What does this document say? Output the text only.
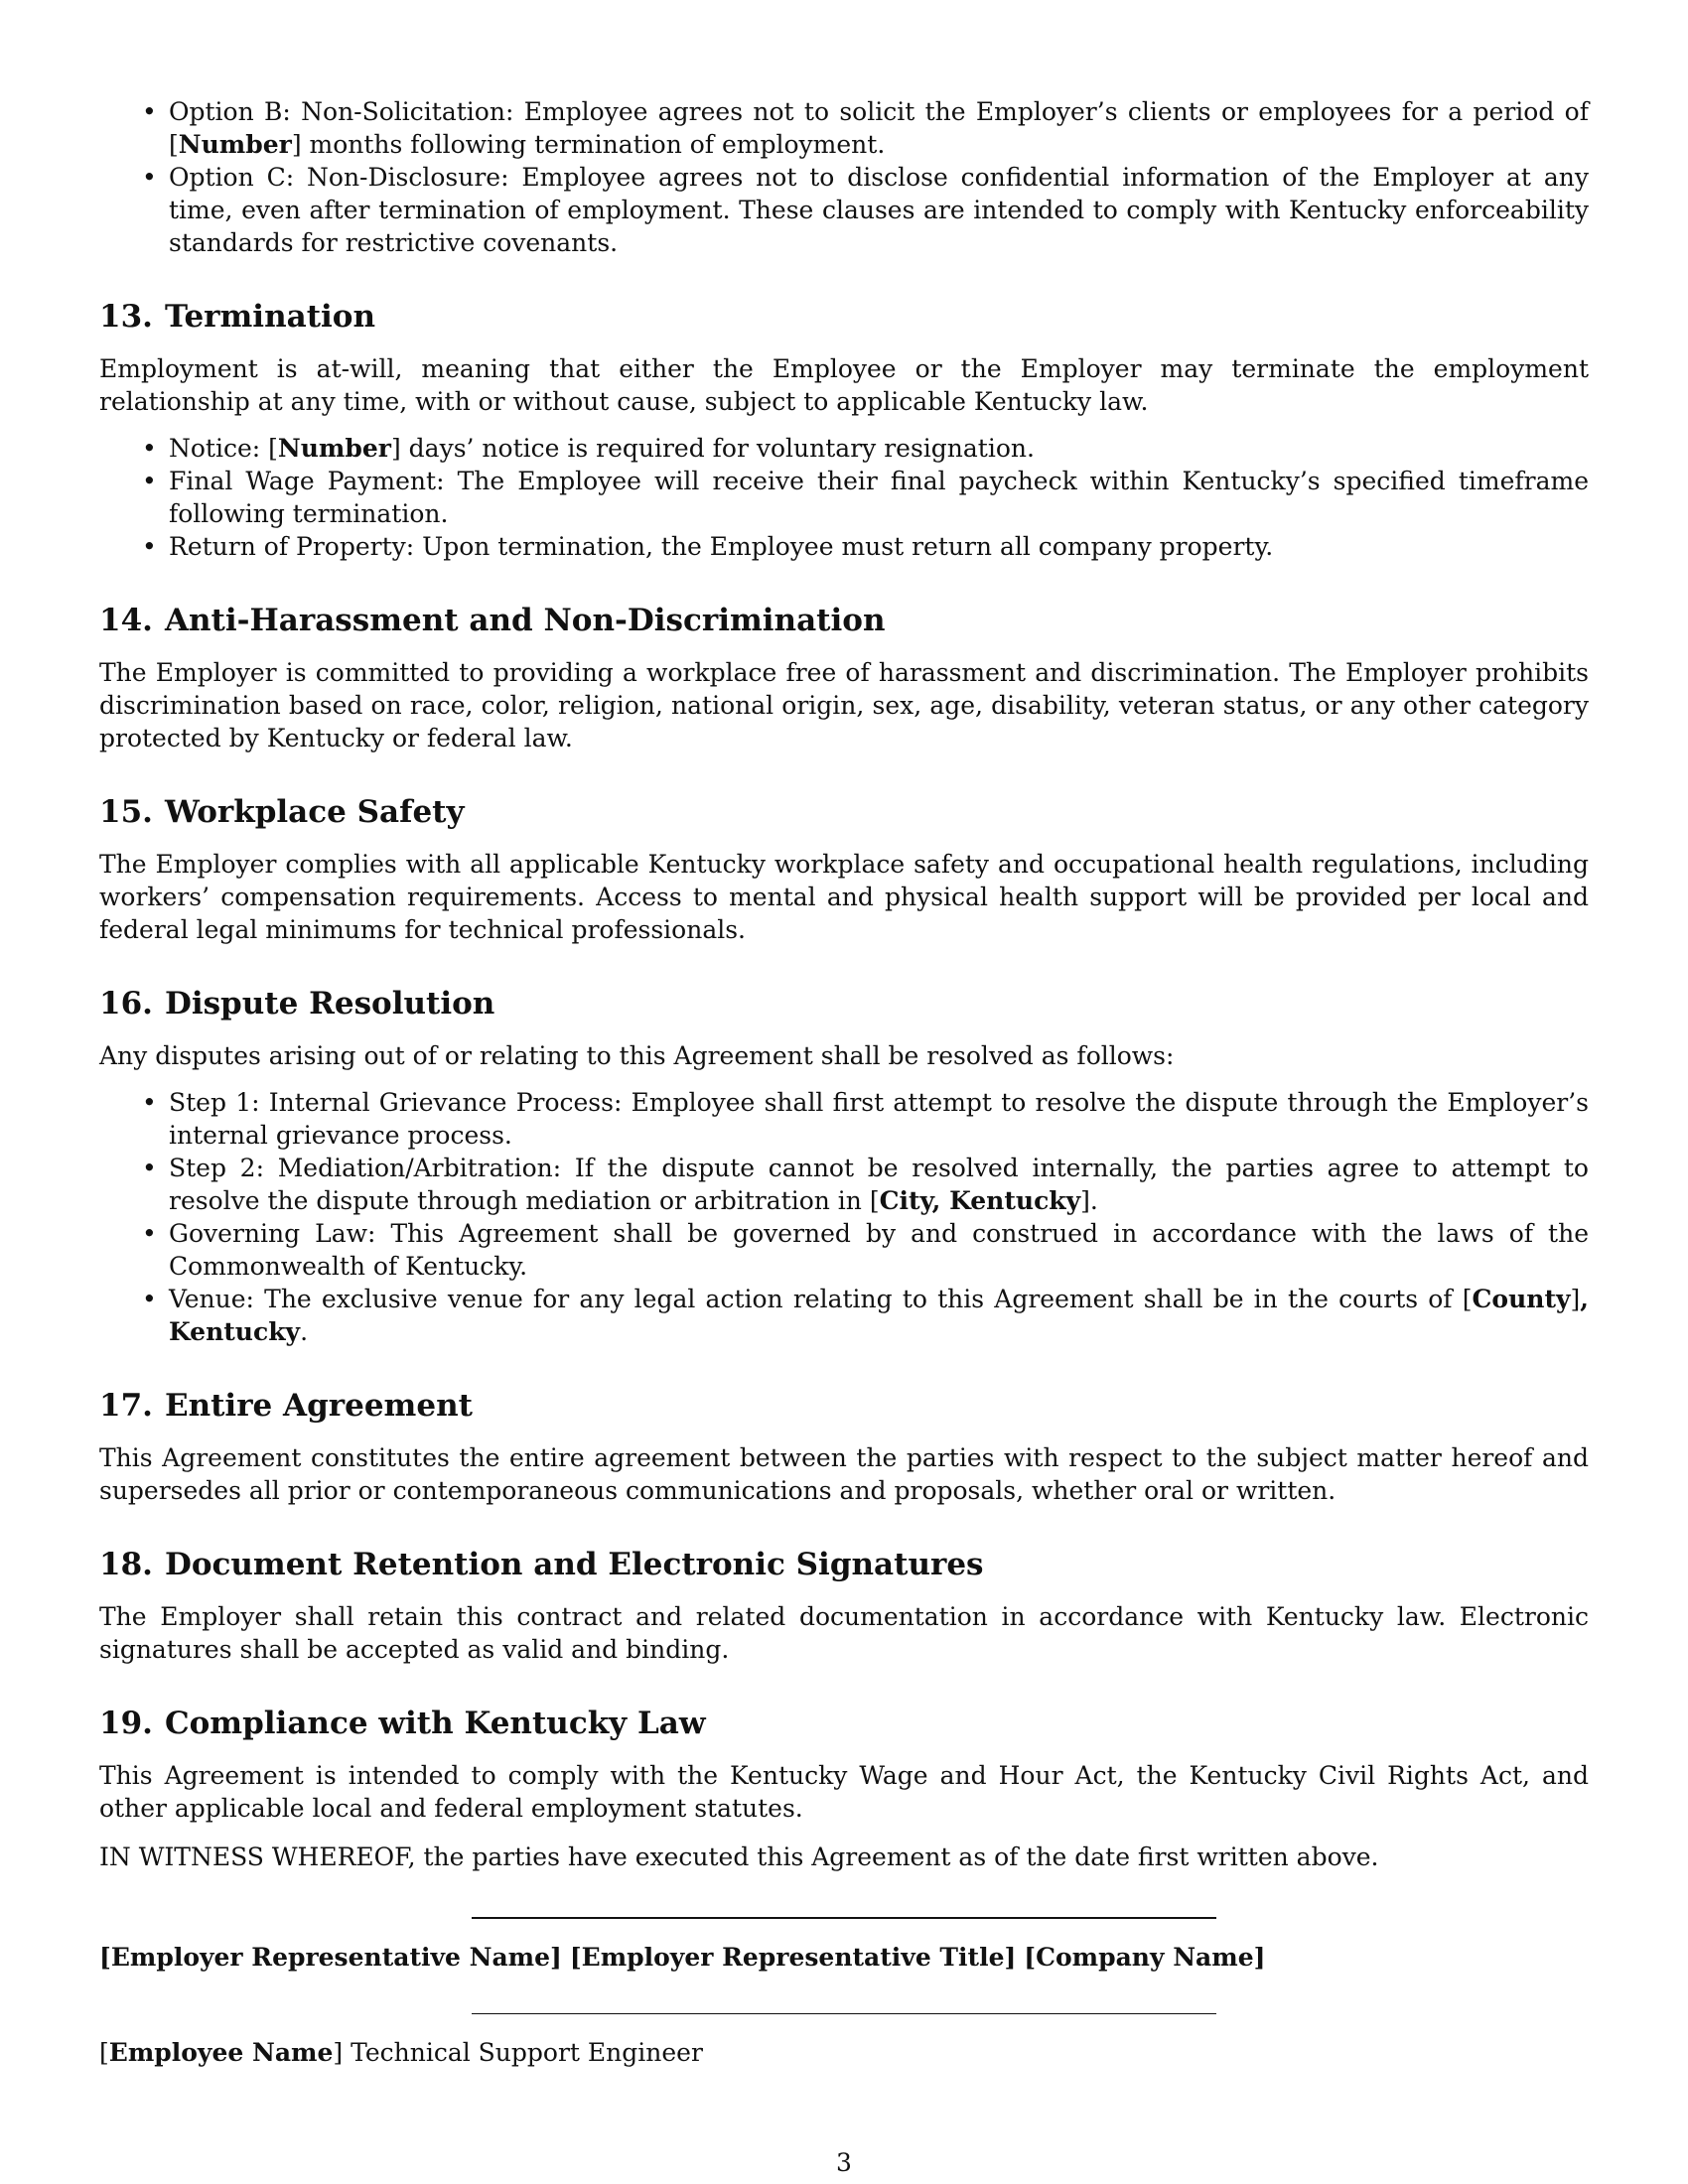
• Option B: Non-Solicitation: Employee agrees not to solicit the Employer’s clients or employees for a period of [Number] months following termination of employment.
• Option C: Non-Disclosure: Employee agrees not to disclose confidential information of the Employer at any time, even after termination of employment. These clauses are intended to comply with Kentucky enforceability standards for restrictive covenants.
13. Termination

Employment is at-will, meaning that either the Employee or the Employer may terminate the employment relationship at any time, with or without cause, subject to applicable Kentucky law.

• Notice: [Number] days’ notice is required for voluntary resignation.
• Final Wage Payment: The Employee will receive their final paycheck within Kentucky’s specified timeframe following termination.
• Return of Property: Upon termination, the Employee must return all company property.
14. Anti-Harassment and Non-Discrimination

The Employer is committed to providing a workplace free of harassment and discrimination. The Employer prohibits discrimination based on race, color, religion, national origin, sex, age, disability, veteran status, or any other category protected by Kentucky or federal law.

15. Workplace Safety

The Employer complies with all applicable Kentucky workplace safety and occupational health regulations, including workers’ compensation requirements. Access to mental and physical health support will be provided per local and federal legal minimums for technical professionals.

16. Dispute Resolution

Any disputes arising out of or relating to this Agreement shall be resolved as follows:

• Step 1: Internal Grievance Process: Employee shall first attempt to resolve the dispute through the Employer’s internal grievance process.
• Step 2: Mediation/Arbitration: If the dispute cannot be resolved internally, the parties agree to attempt to resolve the dispute through mediation or arbitration in [City, Kentucky].
• Governing Law: This Agreement shall be governed by and construed in accordance with the laws of the Commonwealth of Kentucky.
• Venue: The exclusive venue for any legal action relating to this Agreement shall be in the courts of [County], Kentucky.
17. Entire Agreement

This Agreement constitutes the entire agreement between the parties with respect to the subject matter hereof and supersedes all prior or contemporaneous communications and proposals, whether oral or written.

18. Document Retention and Electronic Signatures

The Employer shall retain this contract and related documentation in accordance with Kentucky law. Electronic signatures shall be accepted as valid and binding.

19. Compliance with Kentucky Law

This Agreement is intended to comply with the Kentucky Wage and Hour Act, the Kentucky Civil Rights Act, and other applicable local and federal employment statutes.

IN WITNESS WHEREOF, the parties have executed this Agreement as of the date first written above.

[Employer Representative Name] [Employer Representative Title] [Company Name]
[Employee Name] Technical Support Engineer
3
